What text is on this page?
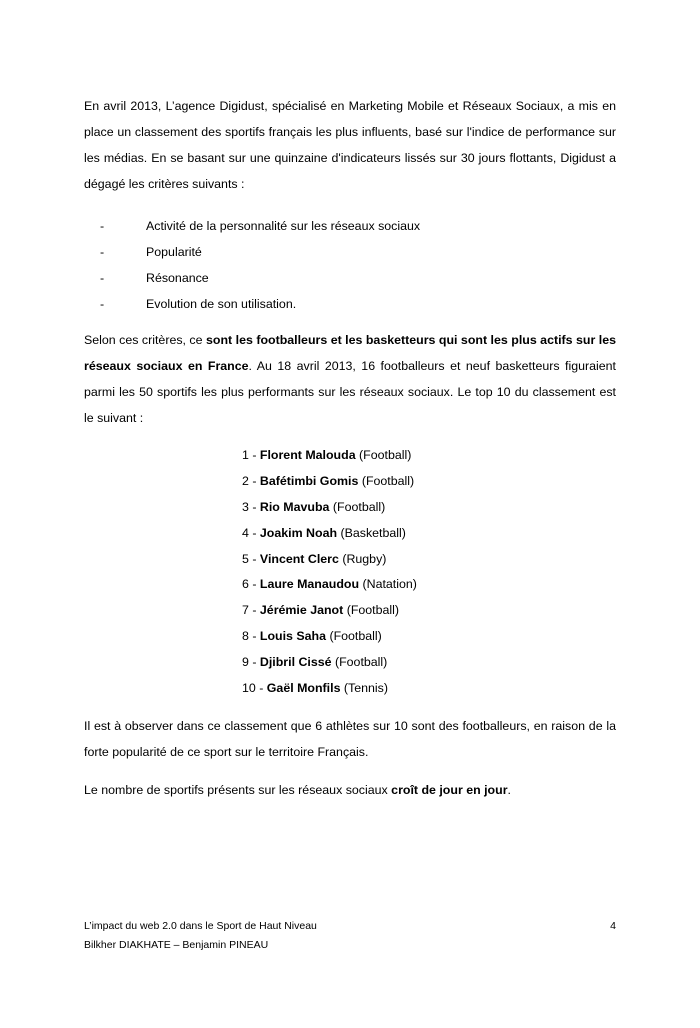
En avril 2013, L’agence Digidust, spécialisé en Marketing Mobile et Réseaux Sociaux, a mis en place un classement des sportifs français les plus influents, basé sur l'indice de performance sur les médias. En se basant sur une quinzaine d'indicateurs lissés sur 30 jours flottants, Digidust a dégagé les critères suivants :

-	Activité de la personnalité sur les réseaux sociaux
-	Popularité
-	Résonance
-	Evolution de son utilisation.

Selon ces critères, ce sont les footballeurs et les basketteurs qui sont les plus actifs sur les réseaux sociaux en France. Au 18 avril 2013, 16 footballeurs et neuf basketteurs figuraient parmi les 50 sportifs les plus performants sur les réseaux sociaux. Le top 10 du classement est le suivant :

1 - Florent Malouda (Football)
2 - Bafétimbi Gomis (Football)
3 - Rio Mavuba (Football)
4 - Joakim Noah (Basketball)
5 - Vincent Clerc (Rugby)
6 - Laure Manaudou (Natation)
7 - Jérémie Janot (Football)
8 - Louis Saha (Football)
9 - Djibril Cissé (Football)
10 - Gaël Monfils (Tennis)

Il est à observer dans ce classement que 6 athlètes sur 10 sont des footballeurs, en raison de la forte popularité de ce sport sur le territoire Français.

Le nombre de sportifs présents sur les réseaux sociaux croît de jour en jour.

L’impact du web 2.0 dans le Sport de Haut Niveau
Bilkher DIAKHATE – Benjamin PINEAU
4
